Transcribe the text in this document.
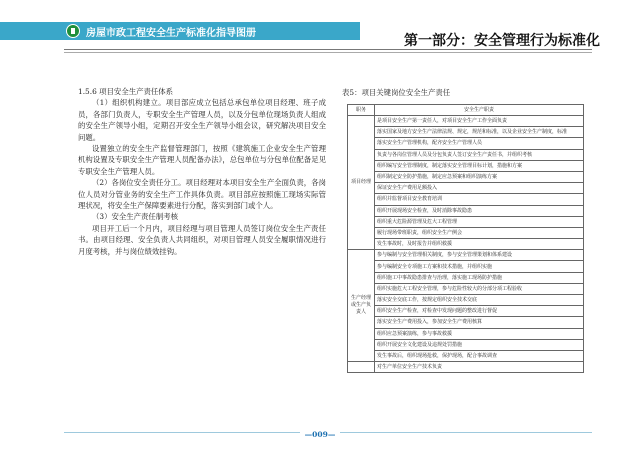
房屋市政工程安全生产标准化指导图册	第一部分：安全管理行为标准化

1.5.6 项目安全生产责任体系

（1）组织机构建立。项目部应成立包括总承包单位项目经理、班子成员，各部门负责人，专职安全生产管理人员，以及分包单位现场负责人组成的安全生产领导小组，定期召开安全生产领导小组会议，研究解决项目安全问题。

设置独立的安全生产监督管理部门，按照《建筑施工企业安全生产管理机构设置及专职安全生产管理人员配备办法》，总包单位与分包单位配备足见专职安全生产管理人员。

（2）各岗位安全责任分工。项目经理对本项目安全生产全面负责，各岗位人员对分管业务的安全生产工作具体负责。项目部应按照施工现场实际管理状况，将安全生产保障要素进行分配，落实到部门或个人。

（3）安全生产责任制考核

项目开工后一个月内，项目经理与项目管理人员签订岗位安全生产责任书。由项目经理、安全负责人共同组织，对项目管理人员安全履职情况进行月度考核，并与岗位绩效挂钩。

表5：项目关键岗位安全生产责任
职务	安全生产职责
项目经理	是项目安全生产第一责任人，对项目安全生产工作全面负责
	落实国家及地方安全生产法律法规、规定，规范和标准，以及企业安全生产制度，标准
	落实安全生产管理机构，配齐安全生产管理人员
	负责与各岗位管理人员及分包负责人签订安全生产责任书，并组织考核
	组织编写安全管理制度，制定落实安全管理目标计划，措施和方案
	组织制定安全防护措施，制定应急预案和组织演练方案
	保证安全生产费用足额投入
	组织并监督项目安全教育培训
	组织开展现场安全检查，及时消除事故隐患
	组织重大危险源管理及危大工程管理
	履行现场带班职责，组织安全生产例会
	发生事故时，及时报告并组织救援
生产经理或生产负责人	参与编制与安全管理相关制度，参与安全管理策划和体系建设
	参与编制安全专项施工方案和技术措施，并组织实施
	组织施工中事故隐患排查与治理，落实施工现场防护措施
	组织实施危大工程安全管理，参与危险性较大的分部分项工程验收
	落实安全交底工作，按规定组织安全技术交底
	组织安全生产检查，对检查中发现问题的整改进行督促
	落实安全生产费用投入，参加安全生产费用核算
	组织应急预案演练，参与事故救援
	组织开展安全文化建设及违规处罚措施
	发生事故后，组织现场抢救，保护现场，配合事故调查
	对生产单位安全生产技术负责
—009—
